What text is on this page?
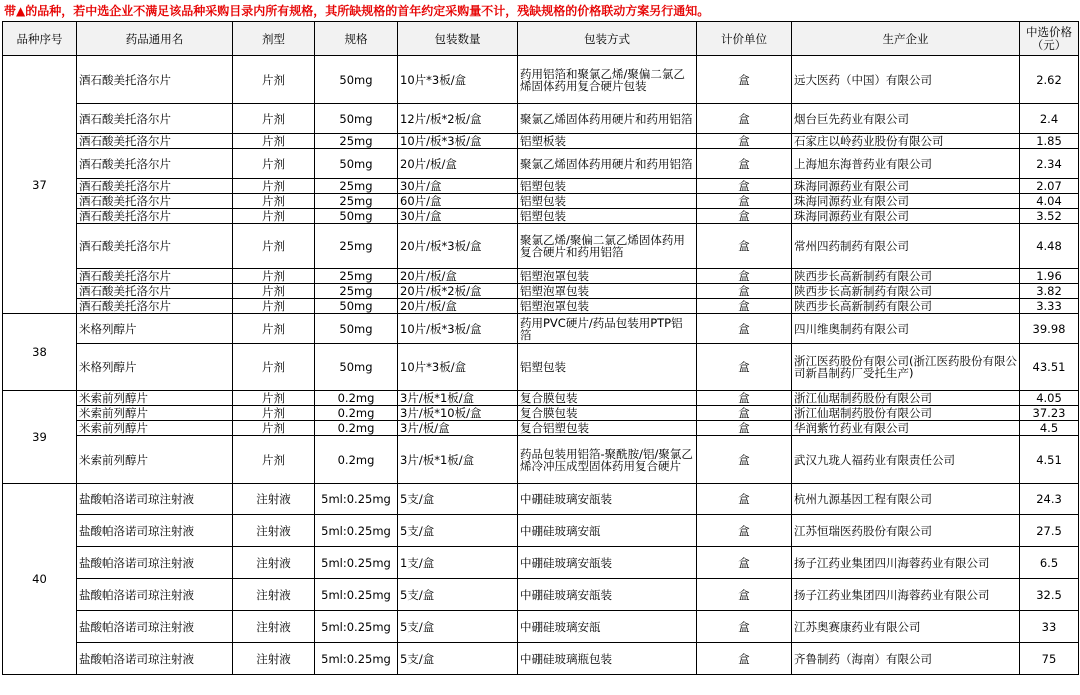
带▲的品种，若中选企业不满足该品种采购目录内所有规格，其所缺规格的首年约定采购量不计，残缺规格的价格联动方案另行通知。
品种序号	药品通用名	剂型	规格	包装数量	包装方式	计价单位	生产企业	中选价格
（元）

37	酒石酸美托洛尔片	片剂	50mg	10片*3板/盒	药用铝箔和聚氯乙烯/聚偏二氯乙烯固体药用复合硬片包装	盒	远大医药（中国）有限公司	2.62
	酒石酸美托洛尔片	片剂	50mg	12片/板*2板/盒	聚氯乙烯固体药用硬片和药用铝箔	盒	烟台巨先药业有限公司	2.4
	酒石酸美托洛尔片	片剂	25mg	10片/板*3板/盒	铝塑板装	盒	石家庄以岭药业股份有限公司	1.85
	酒石酸美托洛尔片	片剂	50mg	20片/板/盒	聚氯乙烯固体药用硬片和药用铝箔	盒	上海旭东海普药业有限公司	2.34
	酒石酸美托洛尔片	片剂	25mg	30片/盒	铝塑包装	盒	珠海同源药业有限公司	2.07
	酒石酸美托洛尔片	片剂	25mg	60片/盒	铝塑包装	盒	珠海同源药业有限公司	4.04
	酒石酸美托洛尔片	片剂	50mg	30片/盒	铝塑包装	盒	珠海同源药业有限公司	3.52
	酒石酸美托洛尔片	片剂	25mg	20片/板*3板/盒	聚氯乙烯/聚偏二氯乙烯固体药用复合硬片和药用铝箔	盒	常州四药制药有限公司	4.48
	酒石酸美托洛尔片	片剂	25mg	20片/板/盒	铝塑泡罩包装	盒	陕西步长高新制药有限公司	1.96
	酒石酸美托洛尔片	片剂	25mg	20片/板*2板/盒	铝塑泡罩包装	盒	陕西步长高新制药有限公司	3.82
	酒石酸美托洛尔片	片剂	50mg	20片/板/盒	铝塑泡罩包装	盒	陕西步长高新制药有限公司	3.33
38	米格列醇片	片剂	50mg	10片/板*3板/盒	药用PVC硬片/药品包装用PTP铝箔	盒	四川维奥制药有限公司	39.98
	米格列醇片	片剂	50mg	10片*3板/盒	铝塑包装	盒	浙江医药股份有限公司(浙江医药股份有限公司新昌制药厂受托生产)	43.51
39	米索前列醇片	片剂	0.2mg	3片/板*1板/盒	复合膜包装	盒	浙江仙琚制药股份有限公司	4.05
	米索前列醇片	片剂	0.2mg	3片/板*10板/盒	复合膜包装	盒	浙江仙琚制药股份有限公司	37.23
	米索前列醇片	片剂	0.2mg	3片/板/盒	复合铝塑包装	盒	华润紫竹药业有限公司	4.5
	米索前列醇片	片剂	0.2mg	3片/板*1板/盒	药品包装用铝箔-聚酰胺/铝/聚氯乙烯冷冲压成型固体药用复合硬片	盒	武汉九珑人福药业有限责任公司	4.51
40	盐酸帕洛诺司琼注射液	注射液	5ml:0.25mg	5支/盒	中硼硅玻璃安瓿装	盒	杭州九源基因工程有限公司	24.3
	盐酸帕洛诺司琼注射液	注射液	5ml:0.25mg	5支/盒	中硼硅玻璃安瓿	盒	江苏恒瑞医药股份有限公司	27.5
	盐酸帕洛诺司琼注射液	注射液	5ml:0.25mg	1支/盒	中硼硅玻璃安瓿装	盒	扬子江药业集团四川海蓉药业有限公司	6.5
	盐酸帕洛诺司琼注射液	注射液	5ml:0.25mg	5支/盒	中硼硅玻璃安瓿装	盒	扬子江药业集团四川海蓉药业有限公司	32.5
	盐酸帕洛诺司琼注射液	注射液	5ml:0.25mg	5支/盒	中硼硅玻璃安瓿	盒	江苏奥赛康药业有限公司	33
	盐酸帕洛诺司琼注射液	注射液	5ml:0.25mg	5支/盒	中硼硅玻璃瓶包装	盒	齐鲁制药（海南）有限公司	75
